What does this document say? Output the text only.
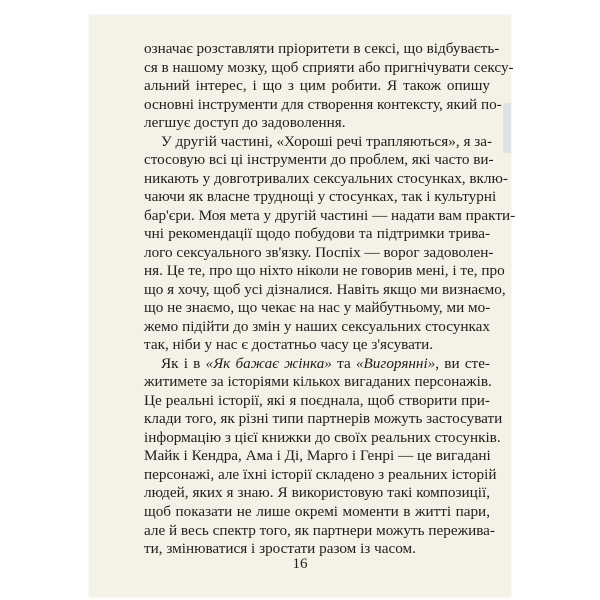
означає розставляти пріоритети в сексі, що відбуваєть-
ся в нашому мозку, щоб сприяти або пригнічувати сексу-
альний інтерес, і що з цим робити. Я також опишу
основні інструменти для створення контексту, який по-
легшує доступ до задоволення.
У другій частині, «Хороші речі трапляються», я за-
стосовую всі ці інструменти до проблем, які часто ви-
никають у довготривалих сексуальних стосунках, вклю-
чаючи як власне труднощі у стосунках, так і культурні
бар'єри. Моя мета у другій частині — надати вам практи-
чні рекомендації щодо побудови та підтримки трива-
лого сексуального зв'язку. Поспіх — ворог задоволен-
ня. Це те, про що ніхто ніколи не говорив мені, і те, про
що я хочу, щоб усі дізналися. Навіть якщо ми визнаємо,
що не знаємо, що чекає на нас у майбутньому, ми мо-
жемо підійти до змін у наших сексуальних стосунках
так, ніби у нас є достатньо часу це з'ясувати.
Як і в «Як бажає жінка» та «Вигорянні», ви сте-
житимете за історіями кількох вигаданих персонажів.
Це реальні історії, які я поєднала, щоб створити при-
клади того, як різні типи партнерів можуть застосувати
інформацію з цієї книжки до своїх реальних стосунків.
Майк і Кендра, Ама і Ді, Марго і Генрі — це вигадані
персонажі, але їхні історії складено з реальних історій
людей, яких я знаю. Я використовую такі композиції,
щоб показати не лише окремі моменти в житті пари,
але й весь спектр того, як партнери можуть пережива-
ти, змінюватися і зростати разом із часом.
16
